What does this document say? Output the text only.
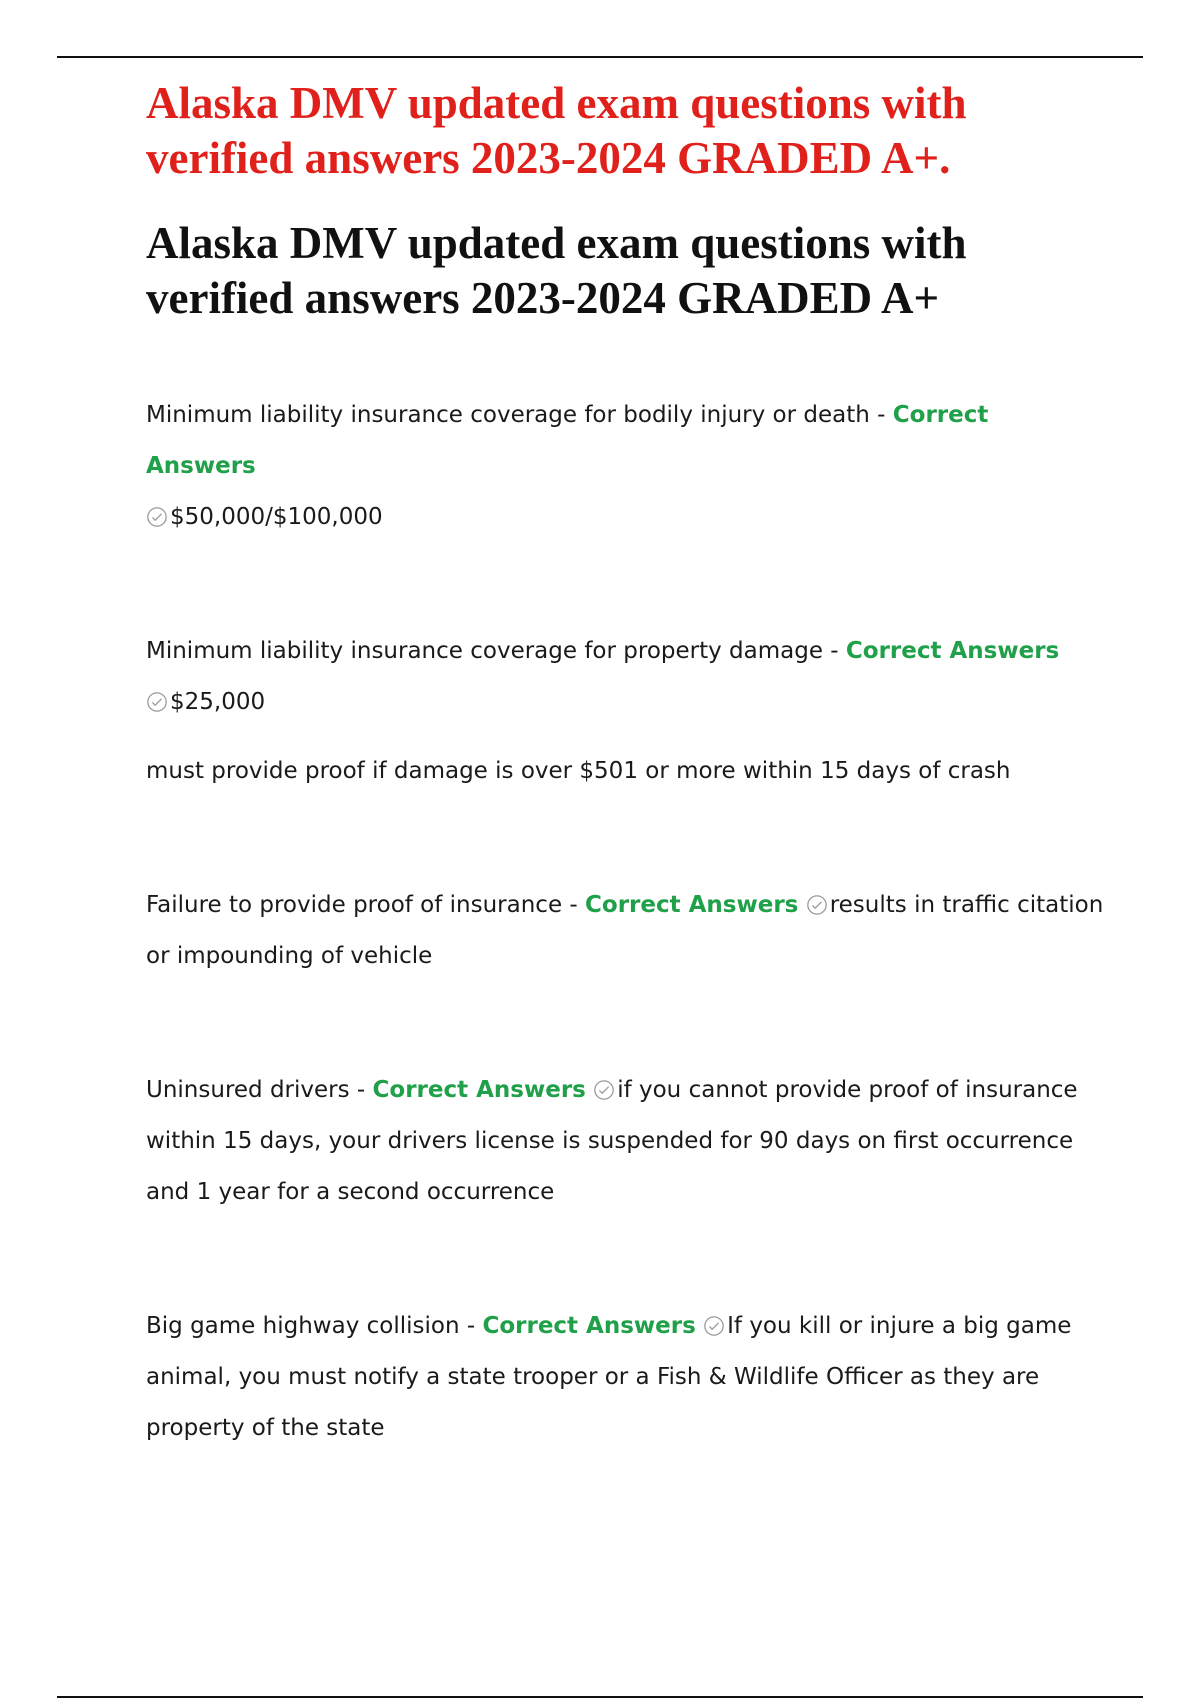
Alaska DMV updated exam questions with verified answers 2023-2024 GRADED A+.
Alaska DMV updated exam questions with verified answers 2023-2024 GRADED A+

Minimum liability insurance coverage for bodily injury or death - Correct Answers
$50,000/$100,000

Minimum liability insurance coverage for property damage - Correct Answers
$25,000

must provide proof if damage is over $501 or more within 15 days of crash

Failure to provide proof of insurance - Correct Answers results in traffic citation or impounding of vehicle

Uninsured drivers - Correct Answers if you cannot provide proof of insurance within 15 days, your drivers license is suspended for 90 days on first occurrence and 1 year for a second occurrence

Big game highway collision - Correct Answers If you kill or injure a big game animal, you must notify a state trooper or a Fish & Wildlife Officer as they are property of the state
